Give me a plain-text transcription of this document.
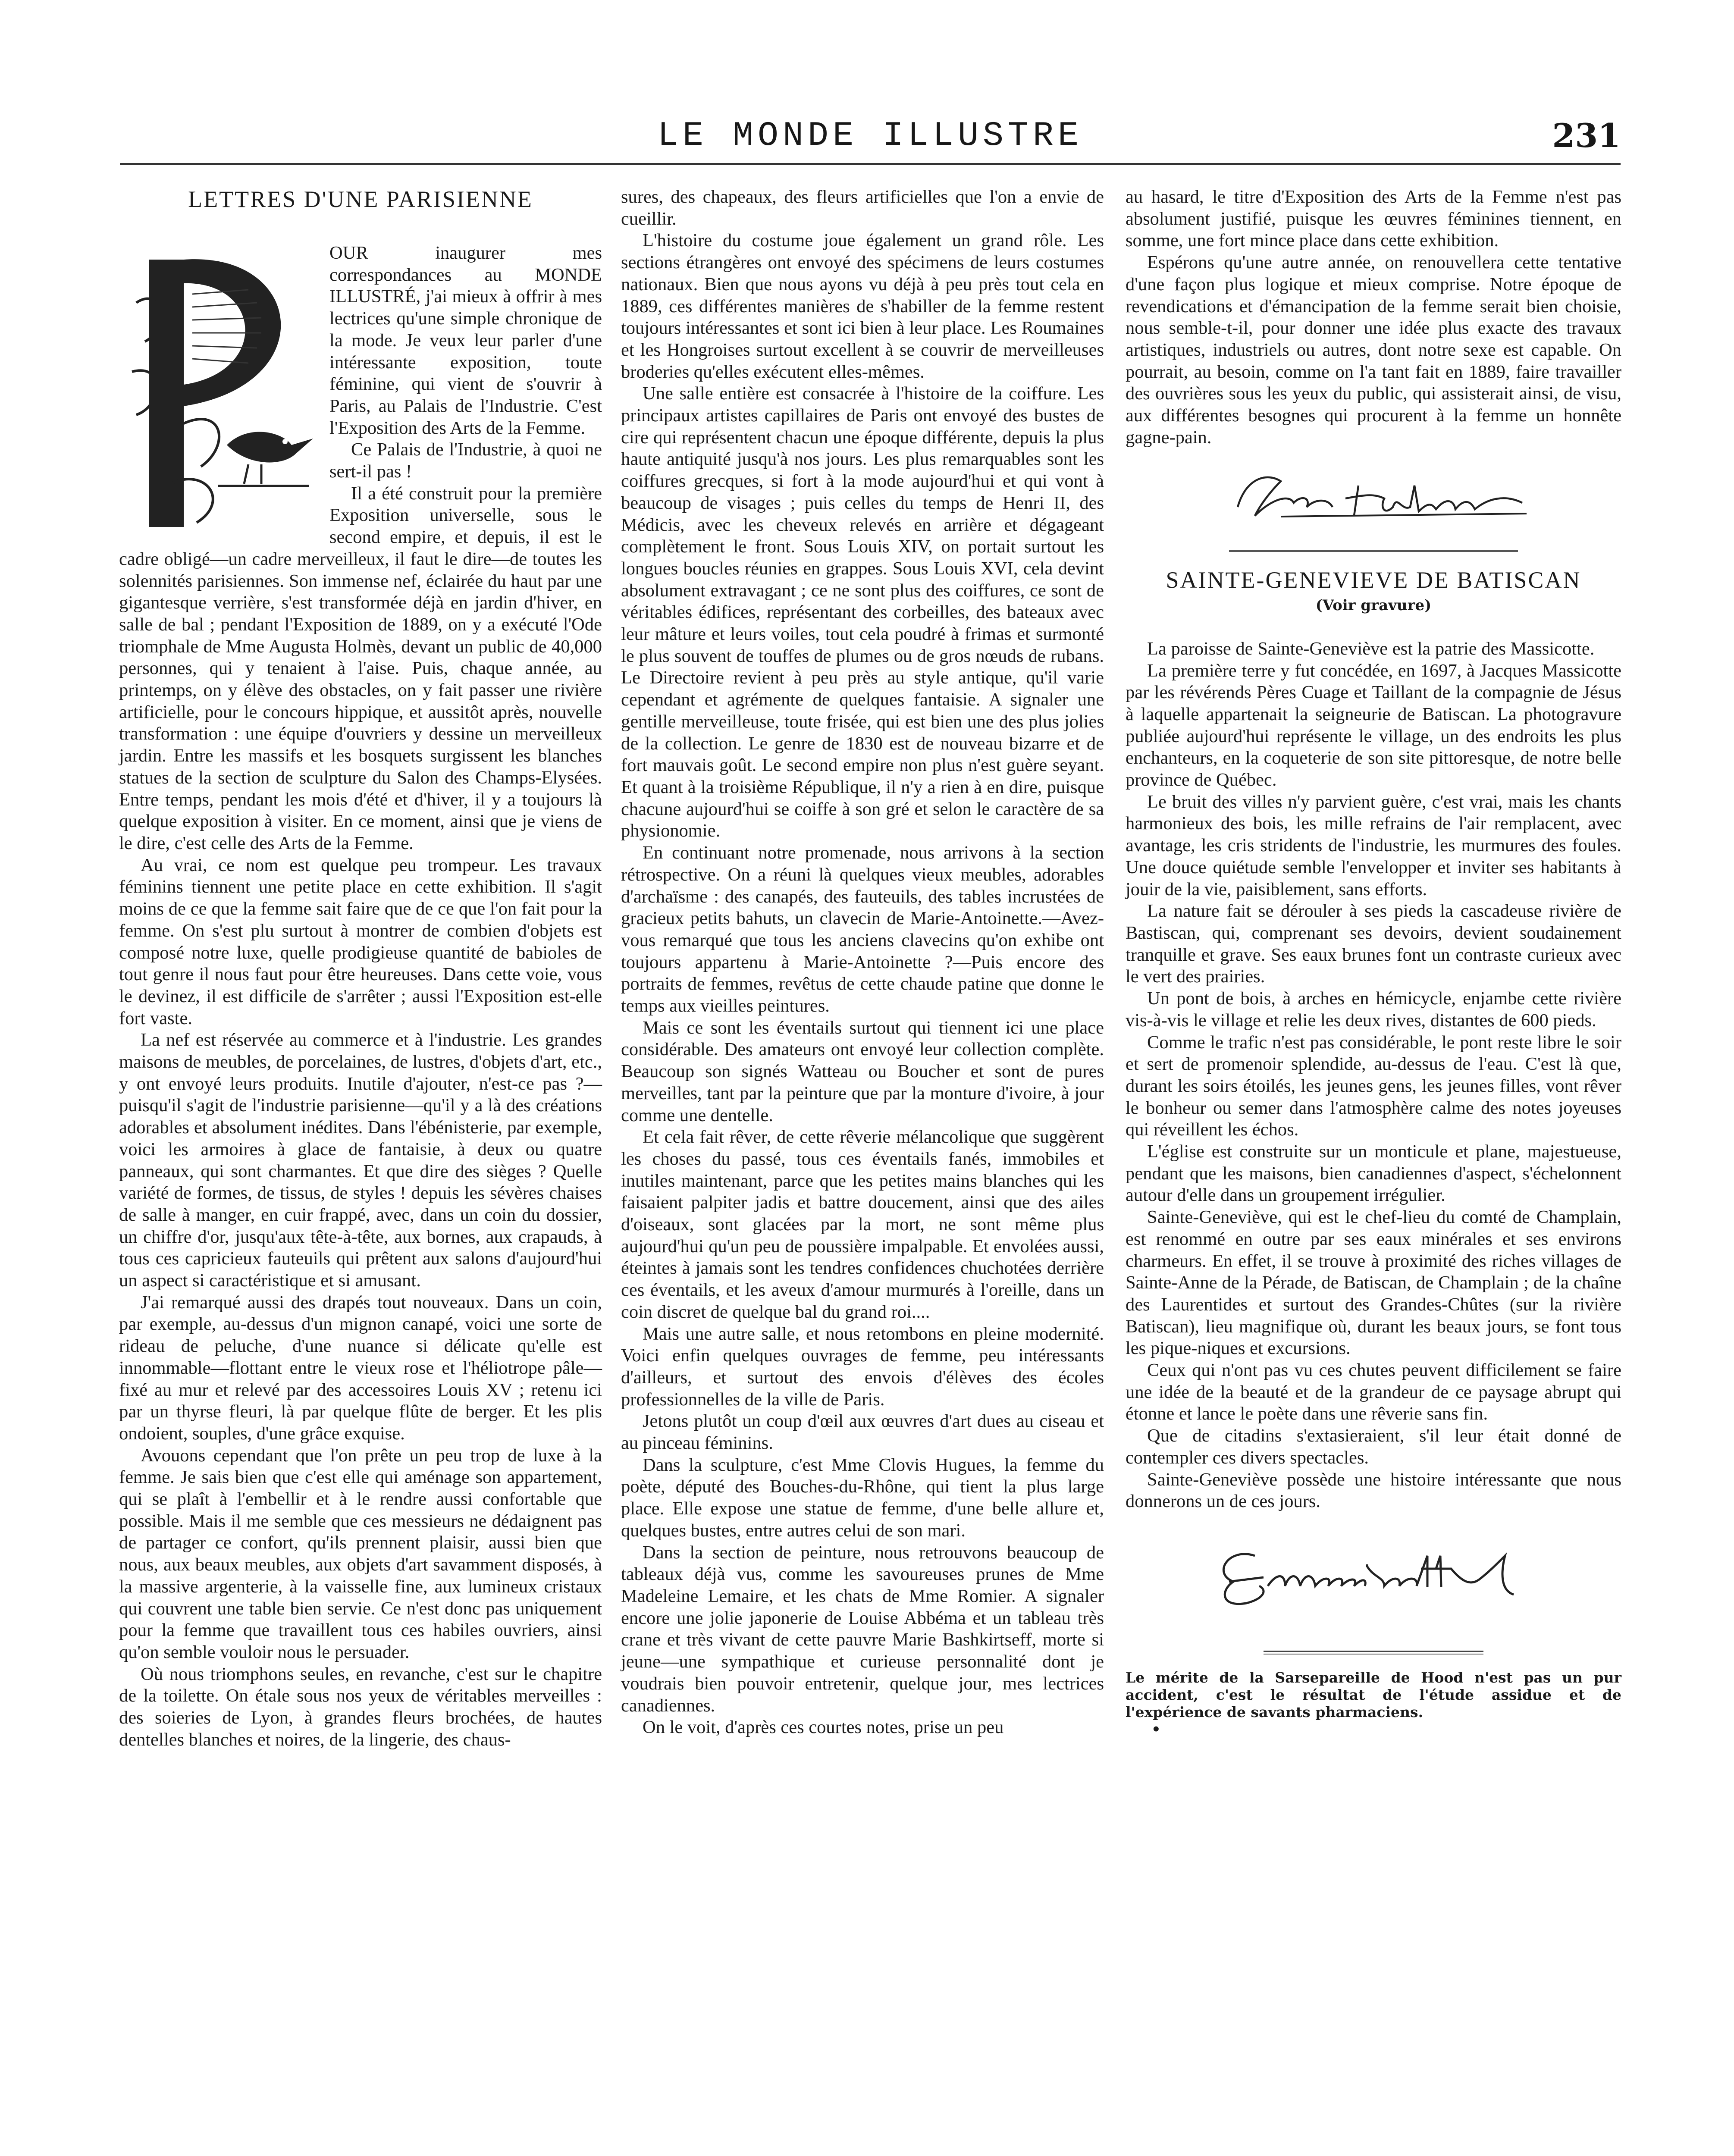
LE MONDE ILLUSTRE	231
LETTRES D'UNE PARISIENNE

OUR inaugurer mes correspondances au MONDE ILLUSTRÉ, j'ai mieux à offrir à mes lectrices qu'une simple chronique de la mode. Je veux leur parler d'une intéressante exposition, toute féminine, qui vient de s'ouvrir à Paris, au Palais de l'Industrie. C'est l'Exposition des Arts de la Femme.

Ce Palais de l'Industrie, à quoi ne sert-il pas !

Il a été construit pour la première Exposition universelle, sous le second empire, et depuis, il est le cadre obligé—un cadre merveilleux, il faut le dire—de toutes les solennités parisiennes. Son immense nef, éclairée du haut par une gigantesque verrière, s'est transformée déjà en jardin d'hiver, en salle de bal ; pendant l'Exposition de 1889, on y a exécuté l'Ode triomphale de Mme Augusta Holmès, devant un public de 40,000 personnes, qui y tenaient à l'aise. Puis, chaque année, au printemps, on y élève des obstacles, on y fait passer une rivière artificielle, pour le concours hippique, et aussitôt après, nouvelle transformation : une équipe d'ouvriers y dessine un merveilleux jardin. Entre les massifs et les bosquets surgissent les blanches statues de la section de sculpture du Salon des Champs-Elysées. Entre temps, pendant les mois d'été et d'hiver, il y a toujours là quelque exposition à visiter. En ce moment, ainsi que je viens de le dire, c'est celle des Arts de la Femme.

Au vrai, ce nom est quelque peu trompeur. Les travaux féminins tiennent une petite place en cette exhibition. Il s'agit moins de ce que la femme sait faire que de ce que l'on fait pour la femme. On s'est plu surtout à montrer de combien d'objets est composé notre luxe, quelle prodigieuse quantité de babioles de tout genre il nous faut pour être heureuses. Dans cette voie, vous le devinez, il est difficile de s'arrêter ; aussi l'Exposition est-elle fort vaste.

La nef est réservée au commerce et à l'industrie. Les grandes maisons de meubles, de porcelaines, de lustres, d'objets d'art, etc., y ont envoyé leurs produits. Inutile d'ajouter, n'est-ce pas ?—puisqu'il s'agit de l'industrie parisienne—qu'il y a là des créations adorables et absolument inédites. Dans l'ébénisterie, par exemple, voici les armoires à glace de fantaisie, à deux ou quatre panneaux, qui sont charmantes. Et que dire des sièges ? Quelle variété de formes, de tissus, de styles ! depuis les sévères chaises de salle à manger, en cuir frappé, avec, dans un coin du dossier, un chiffre d'or, jusqu'aux tête-à-tête, aux bornes, aux crapauds, à tous ces capricieux fauteuils qui prêtent aux salons d'aujourd'hui un aspect si caractéristique et si amusant.

J'ai remarqué aussi des drapés tout nouveaux. Dans un coin, par exemple, au-dessus d'un mignon canapé, voici une sorte de rideau de peluche, d'une nuance si délicate qu'elle est innommable—flottant entre le vieux rose et l'héliotrope pâle—fixé au mur et relevé par des accessoires Louis XV ; retenu ici par un thyrse fleuri, là par quelque flûte de berger. Et les plis ondoient, souples, d'une grâce exquise.

Avouons cependant que l'on prête un peu trop de luxe à la femme. Je sais bien que c'est elle qui aménage son appartement, qui se plaît à l'embellir et à le rendre aussi confortable que possible. Mais il me semble que ces messieurs ne dédaignent pas de partager ce confort, qu'ils prennent plaisir, aussi bien que nous, aux beaux meubles, aux objets d'art savamment disposés, à la massive argenterie, à la vaisselle fine, aux lumineux cristaux qui couvrent une table bien servie. Ce n'est donc pas uniquement pour la femme que travaillent tous ces habiles ouvriers, ainsi qu'on semble vouloir nous le persuader.

Où nous triomphons seules, en revanche, c'est sur le chapitre de la toilette. On étale sous nos yeux de véritables merveilles : des soieries de Lyon, à grandes fleurs brochées, de hautes dentelles blanches et noires, de la lingerie, des chaus-

sures, des chapeaux, des fleurs artificielles que l'on a envie de cueillir.

L'histoire du costume joue également un grand rôle. Les sections étrangères ont envoyé des spécimens de leurs costumes nationaux. Bien que nous ayons vu déjà à peu près tout cela en 1889, ces différentes manières de s'habiller de la femme restent toujours intéressantes et sont ici bien à leur place. Les Roumaines et les Hongroises surtout excellent à se couvrir de merveilleuses broderies qu'elles exécutent elles-mêmes.

Une salle entière est consacrée à l'histoire de la coiffure. Les principaux artistes capillaires de Paris ont envoyé des bustes de cire qui représentent chacun une époque différente, depuis la plus haute antiquité jusqu'à nos jours. Les plus remarquables sont les coiffures grecques, si fort à la mode aujourd'hui et qui vont à beaucoup de visages ; puis celles du temps de Henri II, des Médicis, avec les cheveux relevés en arrière et dégageant complètement le front. Sous Louis XIV, on portait surtout les longues boucles réunies en grappes. Sous Louis XVI, cela devint absolument extravagant ; ce ne sont plus des coiffures, ce sont de véritables édifices, représentant des corbeilles, des bateaux avec leur mâture et leurs voiles, tout cela poudré à frimas et surmonté le plus souvent de touffes de plumes ou de gros nœuds de rubans. Le Directoire revient à peu près au style antique, qu'il varie cependant et agrémente de quelques fantaisie. A signaler une gentille merveilleuse, toute frisée, qui est bien une des plus jolies de la collection. Le genre de 1830 est de nouveau bizarre et de fort mauvais goût. Le second empire non plus n'est guère seyant. Et quant à la troisième République, il n'y a rien à en dire, puisque chacune aujourd'hui se coiffe à son gré et selon le caractère de sa physionomie.

En continuant notre promenade, nous arrivons à la section rétrospective. On a réuni là quelques vieux meubles, adorables d'archaïsme : des canapés, des fauteuils, des tables incrustées de gracieux petits bahuts, un clavecin de Marie-Antoinette.—Avez-vous remarqué que tous les anciens clavecins qu'on exhibe ont toujours appartenu à Marie-Antoinette ?—Puis encore des portraits de femmes, revêtus de cette chaude patine que donne le temps aux vieilles peintures.

Mais ce sont les éventails surtout qui tiennent ici une place considérable. Des amateurs ont envoyé leur collection complète. Beaucoup son signés Watteau ou Boucher et sont de pures merveilles, tant par la peinture que par la monture d'ivoire, à jour comme une dentelle.

Et cela fait rêver, de cette rêverie mélancolique que suggèrent les choses du passé, tous ces éventails fanés, immobiles et inutiles maintenant, parce que les petites mains blanches qui les faisaient palpiter jadis et battre doucement, ainsi que des ailes d'oiseaux, sont glacées par la mort, ne sont même plus aujourd'hui qu'un peu de poussière impalpable. Et envolées aussi, éteintes à jamais sont les tendres confidences chuchotées derrière ces éventails, et les aveux d'amour murmurés à l'oreille, dans un coin discret de quelque bal du grand roi....

Mais une autre salle, et nous retombons en pleine modernité. Voici enfin quelques ouvrages de femme, peu intéressants d'ailleurs, et surtout des envois d'élèves des écoles professionnelles de la ville de Paris.

Jetons plutôt un coup d'œil aux œuvres d'art dues au ciseau et au pinceau féminins.

Dans la sculpture, c'est Mme Clovis Hugues, la femme du poète, député des Bouches-du-Rhône, qui tient la plus large place. Elle expose une statue de femme, d'une belle allure et, quelques bustes, entre autres celui de son mari.

Dans la section de peinture, nous retrouvons beaucoup de tableaux déjà vus, comme les savoureuses prunes de Mme Madeleine Lemaire, et les chats de Mme Romier. A signaler encore une jolie japonerie de Louise Abbéma et un tableau très crane et très vivant de cette pauvre Marie Bashkirtseff, morte si jeune—une sympathique et curieuse personnalité dont je voudrais bien pouvoir entretenir, quelque jour, mes lectrices canadiennes.

On le voit, d'après ces courtes notes, prise un peu

au hasard, le titre d'Exposition des Arts de la Femme n'est pas absolument justifié, puisque les œuvres féminines tiennent, en somme, une fort mince place dans cette exhibition.

Espérons qu'une autre année, on renouvellera cette tentative d'une façon plus logique et mieux comprise. Notre époque de revendications et d'émancipation de la femme serait bien choisie, nous semble-t-il, pour donner une idée plus exacte des travaux artistiques, industriels ou autres, dont notre sexe est capable. On pourrait, au besoin, comme on l'a tant fait en 1889, faire travailler des ouvrières sous les yeux du public, qui assisterait ainsi, de visu, aux différentes besognes qui procurent à la femme un honnête gagne-pain.

SAINTE-GENEVIEVE DE BATISCAN
(Voir gravure)

La paroisse de Sainte-Geneviève est la patrie des Massicotte.

La première terre y fut concédée, en 1697, à Jacques Massicotte par les révérends Pères Cuage et Taillant de la compagnie de Jésus à laquelle appartenait la seigneurie de Batiscan. La photogravure publiée aujourd'hui représente le village, un des endroits les plus enchanteurs, en la coqueterie de son site pittoresque, de notre belle province de Québec.

Le bruit des villes n'y parvient guère, c'est vrai, mais les chants harmonieux des bois, les mille refrains de l'air remplacent, avec avantage, les cris stridents de l'industrie, les murmures des foules. Une douce quiétude semble l'envelopper et inviter ses habitants à jouir de la vie, paisiblement, sans efforts.

La nature fait se dérouler à ses pieds la cascadeuse rivière de Bastiscan, qui, comprenant ses devoirs, devient soudainement tranquille et grave. Ses eaux brunes font un contraste curieux avec le vert des prairies.

Un pont de bois, à arches en hémicycle, enjambe cette rivière vis-à-vis le village et relie les deux rives, distantes de 600 pieds.

Comme le trafic n'est pas considérable, le pont reste libre le soir et sert de promenoir splendide, au-dessus de l'eau. C'est là que, durant les soirs étoilés, les jeunes gens, les jeunes filles, vont rêver le bonheur ou semer dans l'atmosphère calme des notes joyeuses qui réveillent les échos.

L'église est construite sur un monticule et plane, majestueuse, pendant que les maisons, bien canadiennes d'aspect, s'échelonnent autour d'elle dans un groupement irrégulier.

Sainte-Geneviève, qui est le chef-lieu du comté de Champlain, est renommé en outre par ses eaux minérales et ses environs charmeurs. En effet, il se trouve à proximité des riches villages de Sainte-Anne de la Pérade, de Batiscan, de Champlain ; de la chaîne des Laurentides et surtout des Grandes-Chûtes (sur la rivière Batiscan), lieu magnifique où, durant les beaux jours, se font tous les pique-niques et excursions.

Ceux qui n'ont pas vu ces chutes peuvent difficilement se faire une idée de la beauté et de la grandeur de ce paysage abrupt qui étonne et lance le poète dans une rêverie sans fin.

Que de citadins s'extasieraient, s'il leur était donné de contempler ces divers spectacles.

Sainte-Geneviève possède une histoire intéressante que nous donnerons un de ces jours.

Le mérite de la Sarsepareille de Hood n'est pas un pur accident, c'est le résultat de l'étude assidue et de l'expérience de savants pharmaciens.
•
